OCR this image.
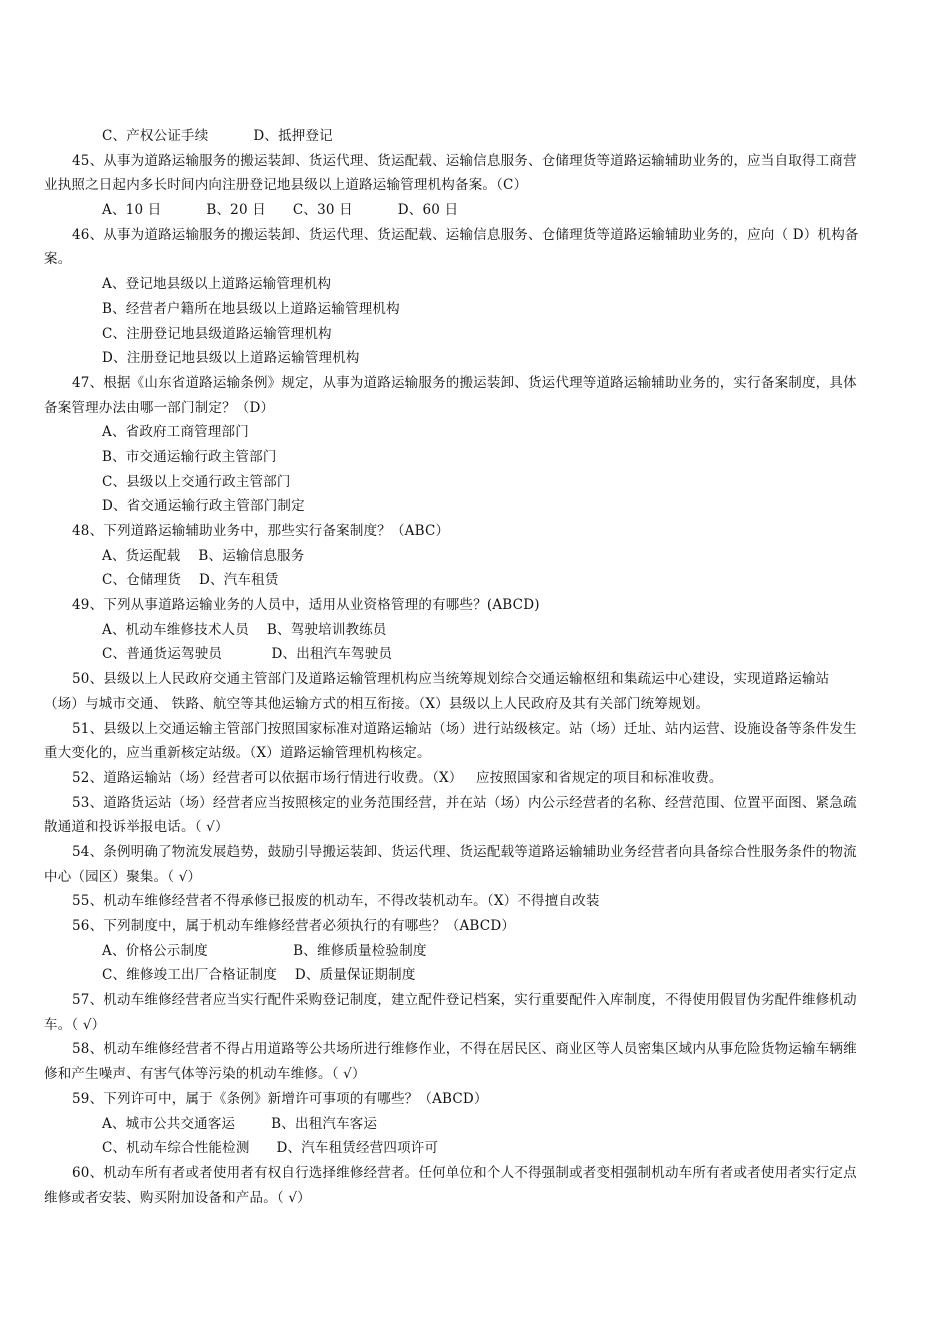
C、产权公证手续          D、抵押登记
45、从事为道路运输服务的搬运装卸、货运代理、货运配载、运输信息服务、仓储理货等道路运输辅助业务的，应当自取得工商营
业执照之日起内多长时间内向注册登记地县级以上道路运输管理机构备案。（C）
A、10 日          B、20 日      C、30 日          D、60 日
46、从事为道路运输服务的搬运装卸、货运代理、货运配载、运输信息服务、仓储理货等道路运输辅助业务的，应向（ D）机构备
案。
A、登记地县级以上道路运输管理机构
B、经营者户籍所在地县级以上道路运输管理机构
C、注册登记地县级道路运输管理机构
D、注册登记地县级以上道路运输管理机构
47、根据《山东省道路运输条例》规定，从事为道路运输服务的搬运装卸、货运代理等道路运输辅助业务的，实行备案制度，具体
备案管理办法由哪一部门制定？（D）
A、省政府工商管理部门
B、市交通运输行政主管部门
C、县级以上交通行政主管部门
D、省交通运输行政主管部门制定
48、下列道路运输辅助业务中，那些实行备案制度？（ABC）
A、货运配载    B、运输信息服务
C、仓储理货    D、汽车租赁
49、下列从事道路运输业务的人员中，适用从业资格管理的有哪些？(ABCD)
A、机动车维修技术人员    B、驾驶培训教练员
C、普通货运驾驶员           D、出租汽车驾驶员
50、县级以上人民政府交通主管部门及道路运输管理机构应当统筹规划综合交通运输枢纽和集疏运中心建设，实现道路运输站
（场）与城市交通、 铁路、航空等其他运输方式的相互衔接。（X）县级以上人民政府及其有关部门统筹规划。
51、县级以上交通运输主管部门按照国家标准对道路运输站（场）进行站级核定。站（场）迁址、站内运营、设施设备等条件发生
重大变化的，应当重新核定站级。（X）道路运输管理机构核定。
52、道路运输站（场）经营者可以依据市场行情进行收费。（X）   应按照国家和省规定的项目和标准收费。
53、道路货运站（场）经营者应当按照核定的业务范围经营，并在站（场）内公示经营者的名称、经营范围、位置平面图、紧急疏
散通道和投诉举报电话。（ √）
54、条例明确了物流发展趋势，鼓励引导搬运装卸、货运代理、货运配载等道路运输辅助业务经营者向具备综合性服务条件的物流
中心（园区）聚集。（ √）
55、机动车维修经营者不得承修已报废的机动车，不得改装机动车。（X）不得擅自改装
56、下列制度中，属于机动车维修经营者必须执行的有哪些？（ABCD）
A、价格公示制度                   B、维修质量检验制度
C、维修竣工出厂合格证制度    D、质量保证期制度
57、机动车维修经营者应当实行配件采购登记制度，建立配件登记档案，实行重要配件入库制度，不得使用假冒伪劣配件维修机动
车。（ √）
58、机动车维修经营者不得占用道路等公共场所进行维修作业，不得在居民区、商业区等人员密集区域内从事危险货物运输车辆维
修和产生噪声、有害气体等污染的机动车维修。（ √）
59、下列许可中，属于《条例》新增许可事项的有哪些？（ABCD）
A、城市公共交通客运        B、出租汽车客运
C、机动车综合性能检测      D、汽车租赁经营四项许可
60、机动车所有者或者使用者有权自行选择维修经营者。任何单位和个人不得强制或者变相强制机动车所有者或者使用者实行定点
维修或者安装、购买附加设备和产品。（ √）
